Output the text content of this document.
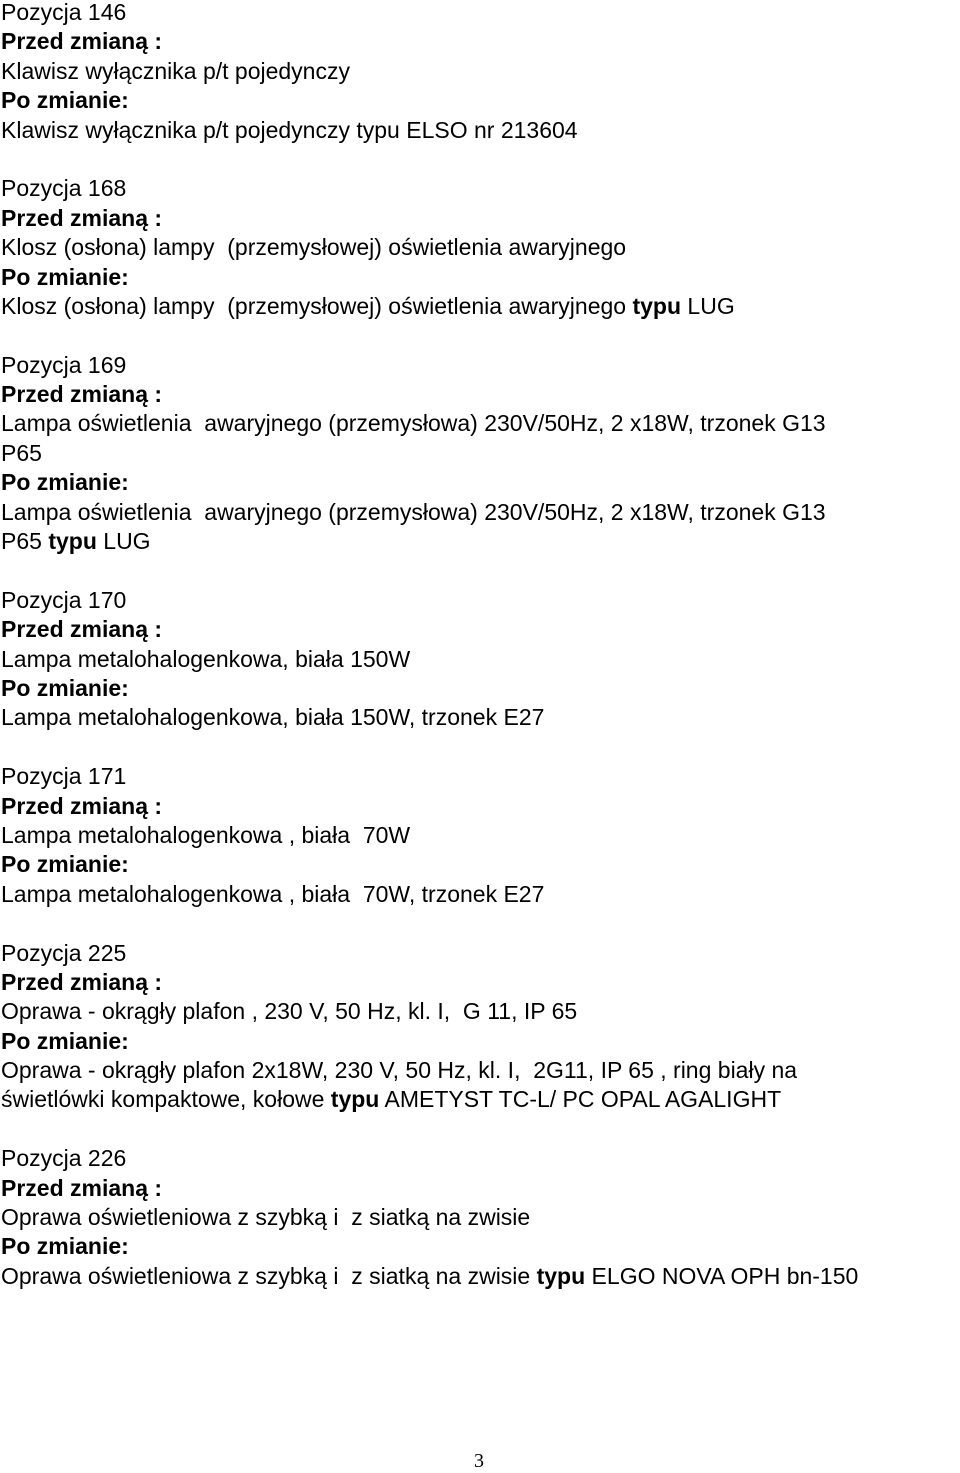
Pozycja 146
Przed zmianą :
Klawisz wyłącznika p/t pojedynczy
Po zmianie:
Klawisz wyłącznika p/t pojedynczy typu ELSO nr 213604
Pozycja 168
Przed zmianą :
Klosz (osłona) lampy  (przemysłowej) oświetlenia awaryjnego
Po zmianie:
Klosz (osłona) lampy  (przemysłowej) oświetlenia awaryjnego typu LUG
Pozycja 169
Przed zmianą :
Lampa oświetlenia  awaryjnego (przemysłowa) 230V/50Hz, 2 x18W, trzonek G13
P65
Po zmianie:
Lampa oświetlenia  awaryjnego (przemysłowa) 230V/50Hz, 2 x18W, trzonek G13
P65 typu LUG
Pozycja 170
Przed zmianą :
Lampa metalohalogenkowa, biała 150W
Po zmianie:
Lampa metalohalogenkowa, biała 150W, trzonek E27
Pozycja 171
Przed zmianą :
Lampa metalohalogenkowa , biała  70W
Po zmianie:
Lampa metalohalogenkowa , biała  70W, trzonek E27
Pozycja 225
Przed zmianą :
Oprawa - okrągły plafon , 230 V, 50 Hz, kl. I,  G 11, IP 65
Po zmianie:
Oprawa - okrągły plafon 2x18W, 230 V, 50 Hz, kl. I,  2G11, IP 65 , ring biały na
świetlówki kompaktowe, kołowe typu AMETYST TC-L/ PC OPAL AGALIGHT
Pozycja 226
Przed zmianą :
Oprawa oświetleniowa z szybką i  z siatką na zwisie
Po zmianie:
Oprawa oświetleniowa z szybką i  z siatką na zwisie typu ELGO NOVA OPH bn-150
3
